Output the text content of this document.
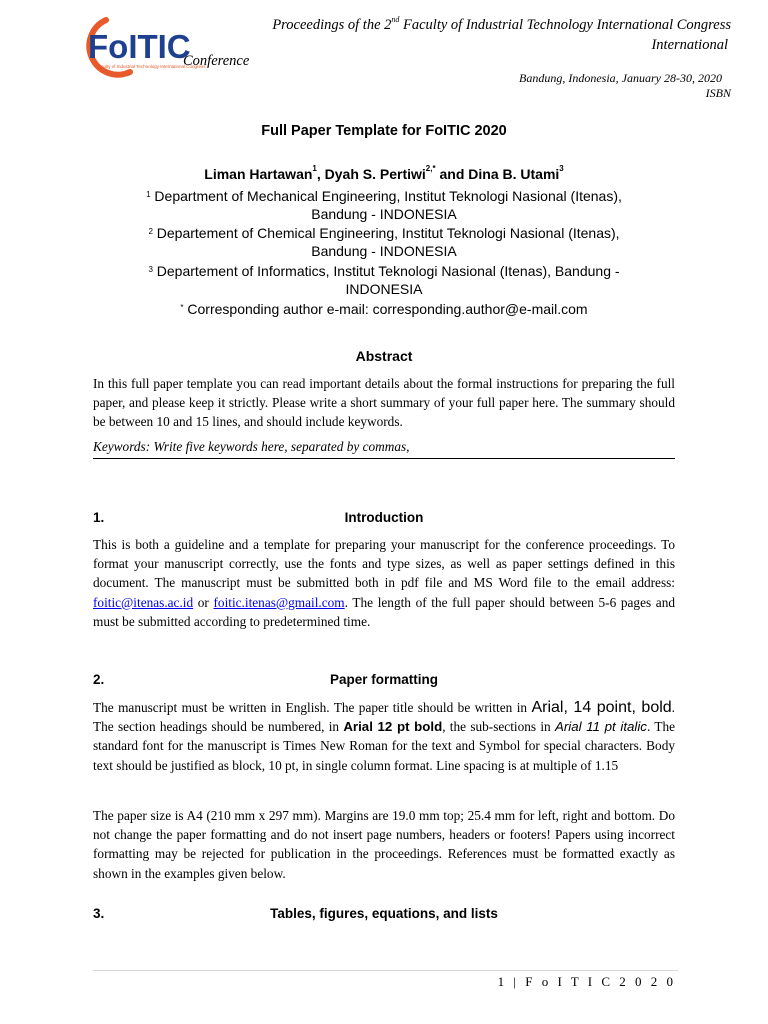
FoITIC
Faculty of Industrial Technology International Congress
Proceedings of the 2nd Faculty of Industrial Technology International Congress
International
Conference
Bandung, Indonesia, January 28-30, 2020
ISBN
Full Paper Template for FoITIC 2020
Liman Hartawan$^1$, Dyah S. Pertiwi$^{2,*}$ and Dina B. Utami$^3$
$^1$ Department of Mechanical Engineering, Institut Teknologi Nasional (Itenas),
Bandung - INDONESIA
$^2$ Departement of Chemical Engineering, Institut Teknologi Nasional (Itenas),
Bandung - INDONESIA
$^3$ Departement of Informatics, Institut Teknologi Nasional (Itenas), Bandung -
INDONESIA
* Corresponding author e-mail: corresponding.author@e-mail.com
Abstract
In this full paper template you can read important details about the formal instructions for preparing the full paper, and please keep it strictly. Please write a short summary of your full paper here. The summary should be between 10 and 15 lines, and should include keywords.
Keywords: Write five keywords here, separated by commas,
1.	Introduction
This is both a guideline and a template for preparing your manuscript for the conference proceedings. To format your manuscript correctly, use the fonts and type sizes, as well as paper settings defined in this document. The manuscript must be submitted both in pdf file and MS Word file to the email address: foitic@itenas.ac.id or foitic.itenas@gmail.com. The length of the full paper should between 5-6 pages and must be submitted according to predetermined time.
2.	Paper formatting
The manuscript must be written in English. The paper title should be written in Arial, 14 point, bold. The section headings should be numbered, in Arial 12 pt bold, the sub-sections in Arial 11 pt italic. The standard font for the manuscript is Times New Roman for the text and Symbol for special characters. Body text should be justified as block, 10 pt, in single column format. Line spacing is at multiple of 1.15
The paper size is A4 (210 mm x 297 mm). Margins are 19.0 mm top; 25.4 mm for left, right and bottom. Do not change the paper formatting and do not insert page numbers, headers or footers! Papers using incorrect formatting may be rejected for publication in the proceedings. References must be formatted exactly as shown in the examples given below.
3.	Tables, figures, equations, and lists
1 | F o I T I C 2 0 2 0
